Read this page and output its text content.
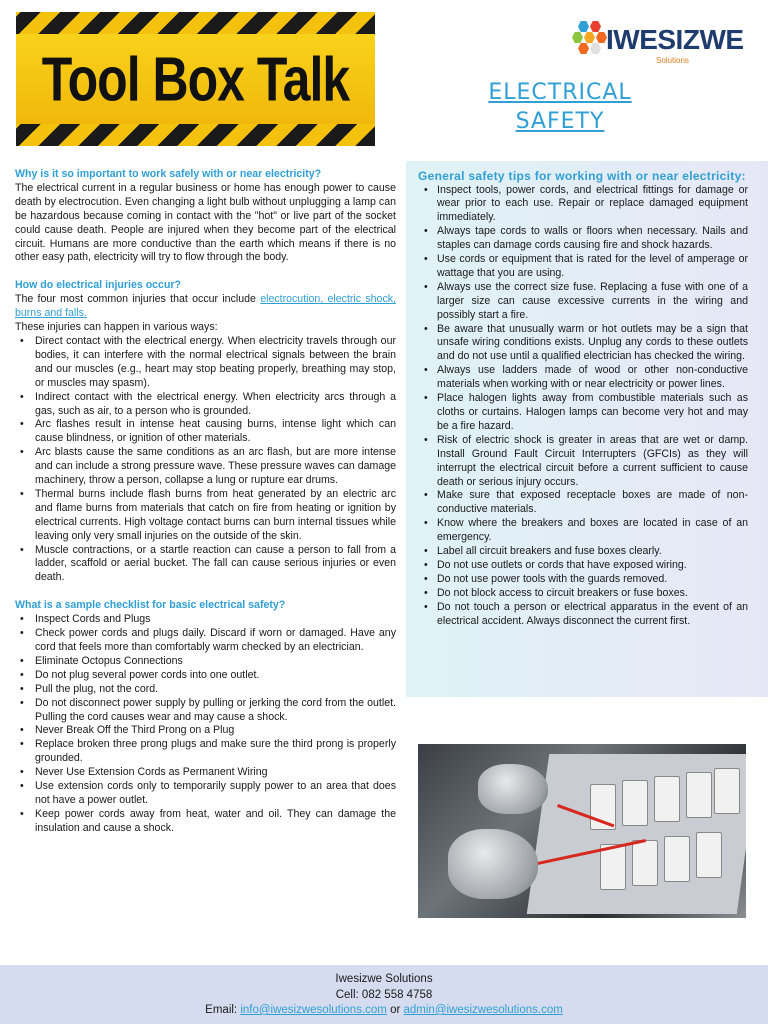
Tool Box Talk
IWESIZWE
Solutions
ELECTRICAL
SAFETY
Why is it so important to work safely with or near electricity?

The electrical current in a regular business or home has enough power to cause death by electrocution. Even changing a light bulb without unplugging a lamp can be hazardous because coming in contact with the "hot" or live part of the socket could cause death. People are injured when they become part of the electrical circuit. Humans are more conductive than the earth which means if there is no other easy path, electricity will try to flow through the body.

How do electrical injuries occur?

The four most common injuries that occur include electrocution, electric shock, burns and falls.

These injuries can happen in various ways:

• Direct contact with the electrical energy. When electricity travels through our bodies, it can interfere with the normal electrical signals between the brain and our muscles (e.g., heart may stop beating properly, breathing may stop, or muscles may spasm).
• Indirect contact with the electrical energy. When electricity arcs through a gas, such as air, to a person who is grounded.
• Arc flashes result in intense heat causing burns, intense light which can cause blindness, or ignition of other materials.
• Arc blasts cause the same conditions as an arc flash, but are more intense and can include a strong pressure wave. These pressure waves can damage machinery, throw a person, collapse a lung or rupture ear drums.
• Thermal burns include flash burns from heat generated by an electric arc and flame burns from materials that catch on fire from heating or ignition by electrical currents. High voltage contact burns can burn internal tissues while leaving only very small injuries on the outside of the skin.
• Muscle contractions, or a startle reaction can cause a person to fall from a ladder, scaffold or aerial bucket. The fall can cause serious injuries or even death.
What is a sample checklist for basic electrical safety?
• Inspect Cords and Plugs
• Check power cords and plugs daily. Discard if worn or damaged. Have any cord that feels more than comfortably warm checked by an electrician.
• Eliminate Octopus Connections
• Do not plug several power cords into one outlet.
• Pull the plug, not the cord.
• Do not disconnect power supply by pulling or jerking the cord from the outlet. Pulling the cord causes wear and may cause a shock.
• Never Break Off the Third Prong on a Plug
• Replace broken three prong plugs and make sure the third prong is properly grounded.
• Never Use Extension Cords as Permanent Wiring
• Use extension cords only to temporarily supply power to an area that does not have a power outlet.
• Keep power cords away from heat, water and oil. They can damage the insulation and cause a shock.
General safety tips for working with or near electricity:
• Inspect tools, power cords, and electrical fittings for damage or wear prior to each use. Repair or replace damaged equipment immediately.
• Always tape cords to walls or floors when necessary. Nails and staples can damage cords causing fire and shock hazards.
• Use cords or equipment that is rated for the level of amperage or wattage that you are using.
• Always use the correct size fuse. Replacing a fuse with one of a larger size can cause excessive currents in the wiring and possibly start a fire.
• Be aware that unusually warm or hot outlets may be a sign that unsafe wiring conditions exists. Unplug any cords to these outlets and do not use until a qualified electrician has checked the wiring.
• Always use ladders made of wood or other non-conductive materials when working with or near electricity or power lines.
• Place halogen lights away from combustible materials such as cloths or curtains. Halogen lamps can become very hot and may be a fire hazard.
• Risk of electric shock is greater in areas that are wet or damp. Install Ground Fault Circuit Interrupters (GFCIs) as they will interrupt the electrical circuit before a current sufficient to cause death or serious injury occurs.
• Make sure that exposed receptacle boxes are made of non-conductive materials.
• Know where the breakers and boxes are located in case of an emergency.
• Label all circuit breakers and fuse boxes clearly.
• Do not use outlets or cords that have exposed wiring.
• Do not use power tools with the guards removed.
• Do not block access to circuit breakers or fuse boxes.
• Do not touch a person or electrical apparatus in the event of an electrical accident. Always disconnect the current first.
Iwesizwe Solutions
Cell: 082 558 4758
Email: info@iwesizwesolutions.com or admin@iwesizwesolutions.com
